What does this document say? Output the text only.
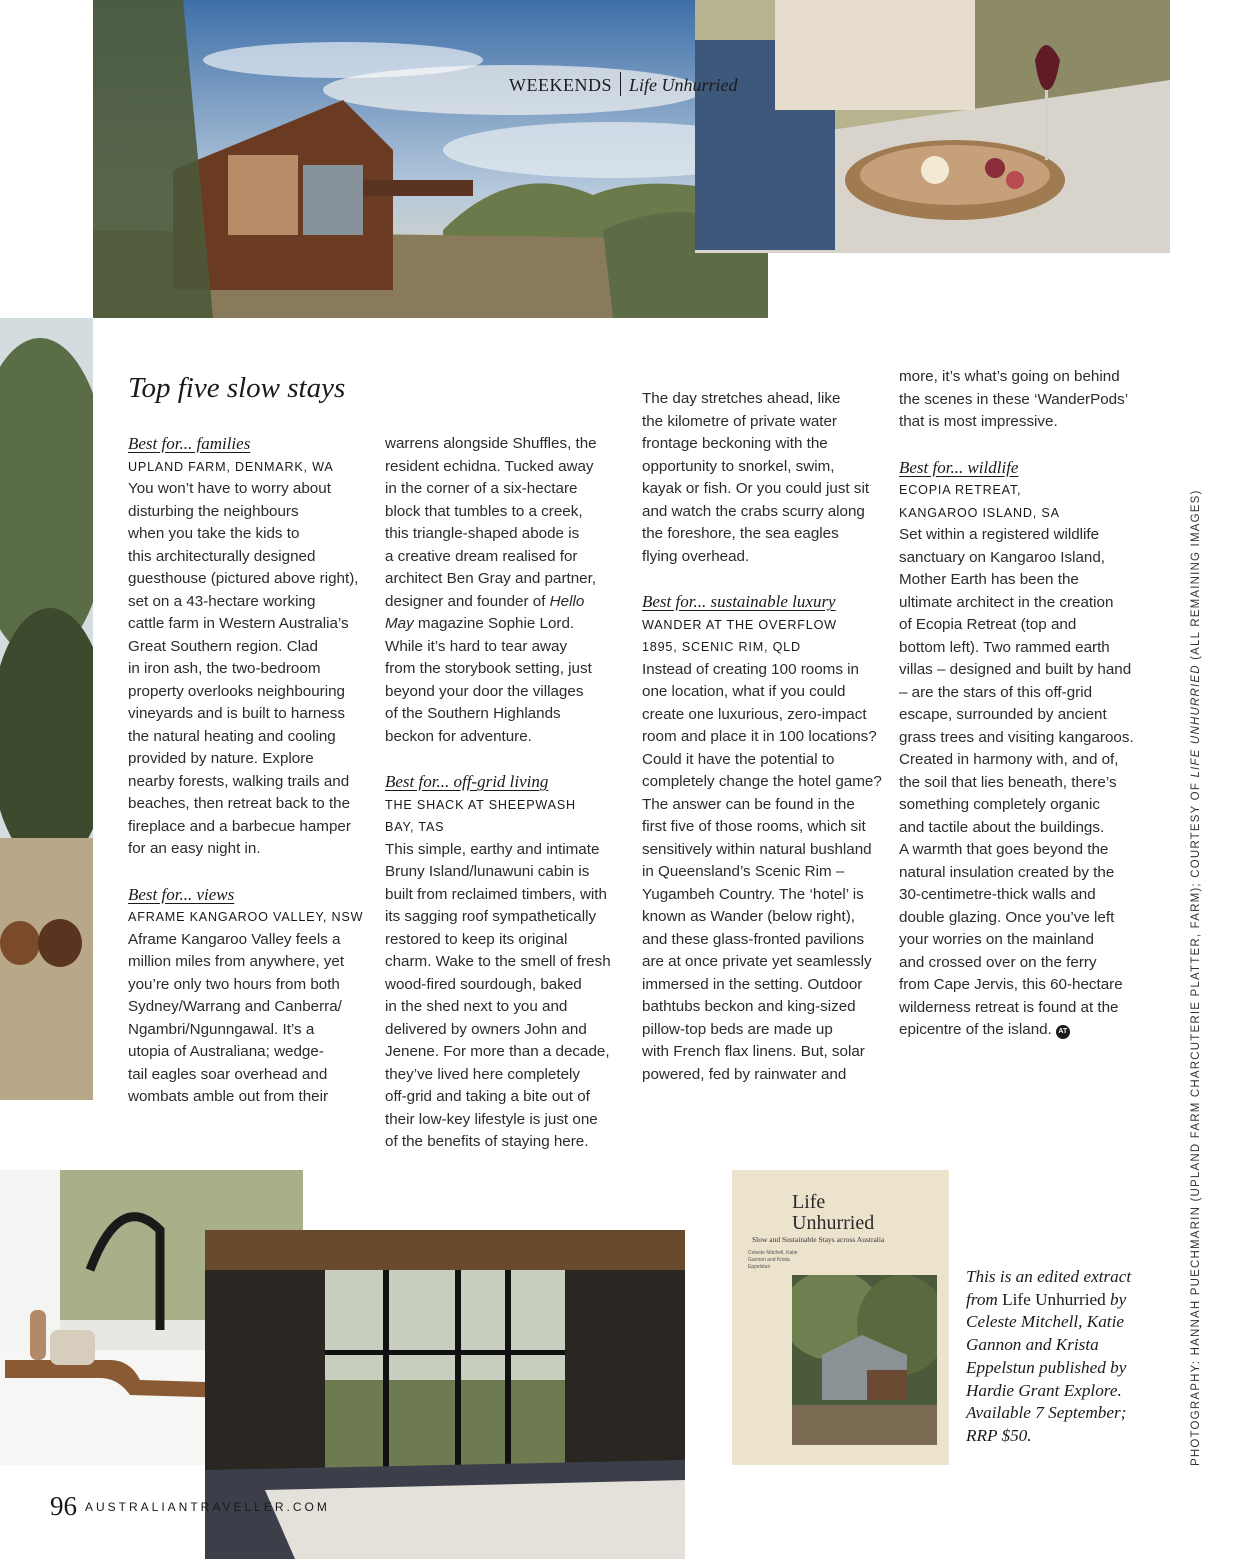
WEEKENDS Life Unhurried
Top five slow stays

Best for... families

UPLAND FARM, DENMARK, WA

You won’t have to worry about

disturbing the neighbours

when you take the kids to

this architecturally designed

guesthouse (pictured above right),

set on a 43-hectare working

cattle farm in Western Australia’s

Great Southern region. Clad

in iron ash, the two-bedroom

property overlooks neighbouring

vineyards and is built to harness

the natural heating and cooling

provided by nature. Explore

nearby forests, walking trails and

beaches, then retreat back to the

fireplace and a barbecue hamper

for an easy night in.

Best for... views

AFRAME KANGAROO VALLEY, NSW

Aframe Kangaroo Valley feels a

million miles from anywhere, yet

you’re only two hours from both

Sydney/Warrang and Canberra/

Ngambri/Ngunngawal. It’s a

utopia of Australiana; wedge-

tail eagles soar overhead and

wombats amble out from their

warrens alongside Shuffles, the

resident echidna. Tucked away

in the corner of a six-hectare

block that tumbles to a creek,

this triangle-shaped abode is

a creative dream realised for

architect Ben Gray and partner,

designer and founder of Hello

May magazine Sophie Lord.

While it’s hard to tear away

from the storybook setting, just

beyond your door the villages

of the Southern Highlands

beckon for adventure.

Best for... off-grid living

THE SHACK AT SHEEPWASH

BAY, TAS

This simple, earthy and intimate

Bruny Island/lunawuni cabin is

built from reclaimed timbers, with

its sagging roof sympathetically

restored to keep its original

charm. Wake to the smell of fresh

wood-fired sourdough, baked

in the shed next to you and

delivered by owners John and

Jenene. For more than a decade,

they’ve lived here completely

off-grid and taking a bite out of

their low-key lifestyle is just one

of the benefits of staying here.

The day stretches ahead, like

the kilometre of private water

frontage beckoning with the

opportunity to snorkel, swim,

kayak or fish. Or you could just sit

and watch the crabs scurry along

the foreshore, the sea eagles

flying overhead.

Best for... sustainable luxury

WANDER AT THE OVERFLOW

1895, SCENIC RIM, QLD

Instead of creating 100 rooms in

one location, what if you could

create one luxurious, zero-impact

room and place it in 100 locations?

Could it have the potential to

completely change the hotel game?

The answer can be found in the

first five of those rooms, which sit

sensitively within natural bushland

in Queensland’s Scenic Rim –

Yugambeh Country. The ‘hotel’ is

known as Wander (below right),

and these glass-fronted pavilions

are at once private yet seamlessly

immersed in the setting. Outdoor

bathtubs beckon and king-sized

pillow-top beds are made up

with French flax linens. But, solar

powered, fed by rainwater and

more, it’s what’s going on behind

the scenes in these ‘WanderPods’

that is most impressive.

Best for... wildlife

ECOPIA RETREAT,

KANGAROO ISLAND, SA

Set within a registered wildlife

sanctuary on Kangaroo Island,

Mother Earth has been the

ultimate architect in the creation

of Ecopia Retreat (top and

bottom left). Two rammed earth

villas – designed and built by hand

– are the stars of this off-grid

escape, surrounded by ancient

grass trees and visiting kangaroos.

Created in harmony with, and of,

the soil that lies beneath, there’s

something completely organic

and tactile about the buildings.

A warmth that goes beyond the

natural insulation created by the

30-centimetre-thick walls and

double glazing. Once you’ve left

your worries on the mainland

and crossed over on the ferry

from Cape Jervis, this 60-hectare

wilderness retreat is found at the

epicentre of the island. AT	PHOTOGRAPHY: HANNAH PUECHMARIN (UPLAND FARM CHARCUTERIE PLATTER, FARM); COURTESY OF LIFE UNHURRIED (ALL REMAINING IMAGES)
Life
Unhurried
Slow and Sustainable Stays across Australia
Celeste Mitchell, Katie Gannon and Krista Eppelstun	This is an edited extract from Life Unhurried by Celeste Mitchell, Katie Gannon and Krista Eppelstun published by Hardie Grant Explore. Available 7 September; RRP $50.
96 AUSTRALIANTRAVELLER.COM
